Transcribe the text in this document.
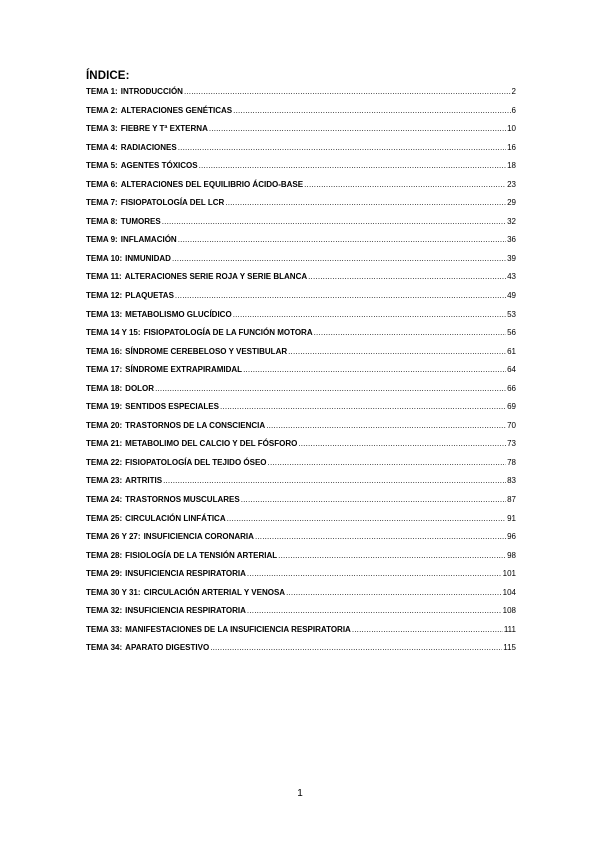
ÍNDICE:
TEMA 1 : INTRODUCCIÓN .....	2
TEMA 2 : ALTERACIONES GENÉTICAS .....	6
TEMA 3 : FIEBRE Y Tª EXTERNA .....	10
TEMA 4 : RADIACIONES .....	16
TEMA 5 : AGENTES TÓXICOS .....	18
TEMA 6 : ALTERACIONES DEL EQUILIBRIO ÁCIDO-BASE .....	23
TEMA 7 : FISIOPATOLOGÍA DEL LCR .....	29
TEMA 8 : TUMORES .....	32
TEMA 9 : INFLAMACIÓN .....	36
TEMA 10 : INMUNIDAD .....	39
TEMA 11 : ALTERACIONES SERIE ROJA Y SERIE BLANCA .....	43
TEMA 12 : PLAQUETAS .....	49
TEMA 13 : METABOLISMO GLUCÍDICO .....	53
TEMA 14 Y 15 : FISIOPATOLOGÍA DE LA FUNCIÓN MOTORA .....	56
TEMA 16 : SÍNDROME CEREBELOSO Y VESTIBULAR .....	61
TEMA 17 : SÍNDROME EXTRAPIRAMIDAL .....	64
TEMA 18 : DOLOR .....	66
TEMA 19 : SENTIDOS ESPECIALES .....	69
TEMA 20 : TRASTORNOS DE LA CONSCIENCIA .....	70
TEMA 21 : METABOLIMO DEL CALCIO Y DEL FÓSFORO .....	73
TEMA 22 : FISIOPATOLOGÍA DEL TEJIDO ÓSEO .....	78
TEMA 23 : ARTRITIS .....	83
TEMA 24 : TRASTORNOS MUSCULARES .....	87
TEMA 25 : CIRCULACIÓN LINFÁTICA .....	91
TEMA 26 Y 27 : INSUFICIENCIA CORONARIA .....	96
TEMA 28 : FISIOLOGÍA DE LA TENSIÓN ARTERIAL .....	98
TEMA 29 : INSUFICIENCIA RESPIRATORIA .....	101
TEMA 30 Y 31 : CIRCULACIÓN ARTERIAL Y VENOSA .....	104
TEMA 32 : INSUFICIENCIA RESPIRATORIA .....	108
TEMA 33 : MANIFESTACIONES DE LA INSUFICIENCIA RESPIRATORIA .....	111
TEMA 34 : APARATO DIGESTIVO .....	115
1
